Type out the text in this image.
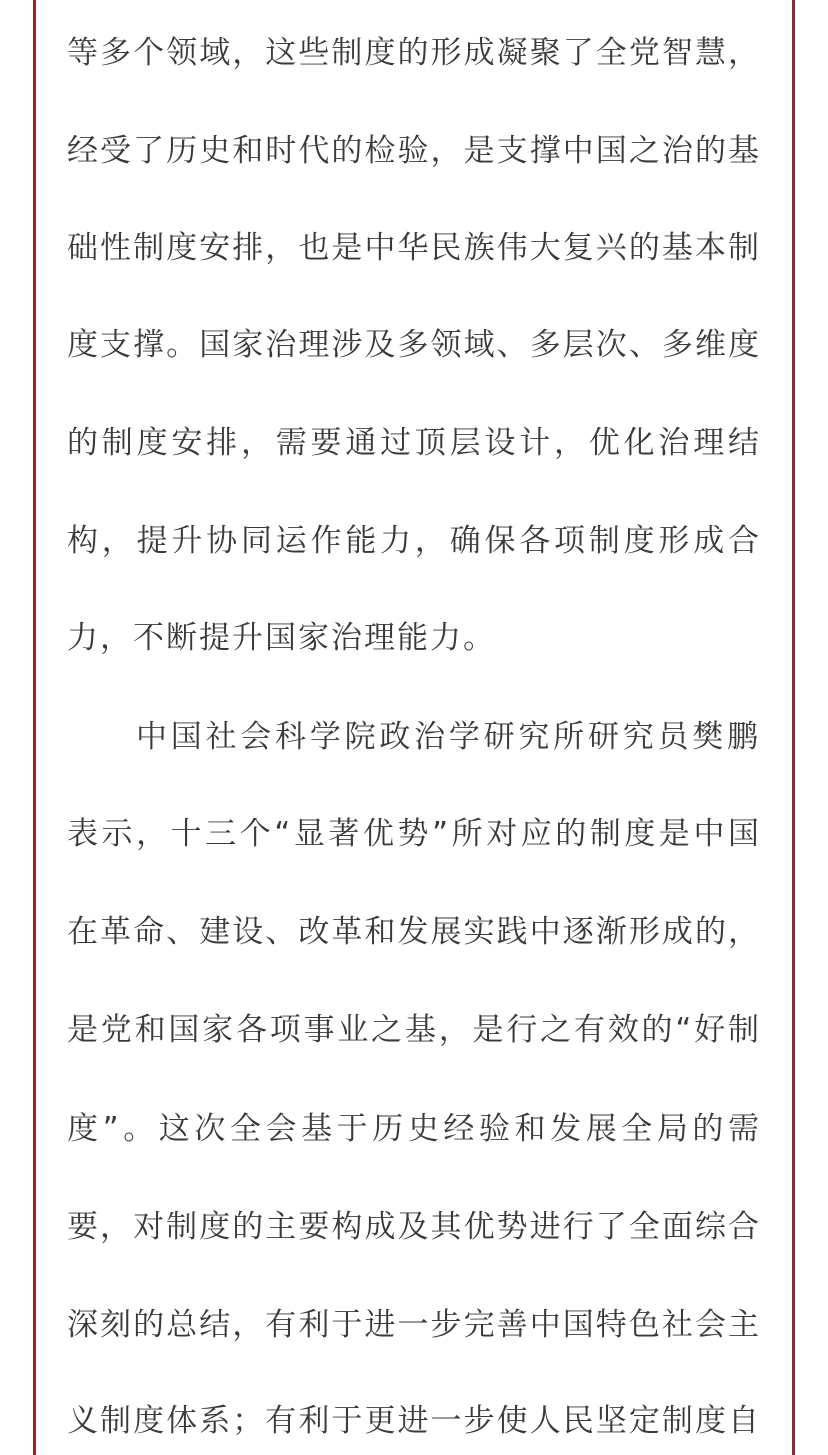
等多个领域，这些制度的形成凝聚了全党智慧，
经受了历史和时代的检验，是支撑中国之治的基
础性制度安排，也是中华民族伟大复兴的基本制
度支撑。国家治理涉及多领域、多层次、多维度
的制度安排，需要通过顶层设计，优化治理结
构，提升协同运作能力，确保各项制度形成合
力，不断提升国家治理能力。
中国社会科学院政治学研究所研究员樊鹏
表示，十三个“显著优势”所对应的制度是中国
在革命、建设、改革和发展实践中逐渐形成的，
是党和国家各项事业之基，是行之有效的“好制
度”。这次全会基于历史经验和发展全局的需
要，对制度的主要构成及其优势进行了全面综合
深刻的总结，有利于进一步完善中国特色社会主
义制度体系；有利于更进一步使人民坚定制度自
